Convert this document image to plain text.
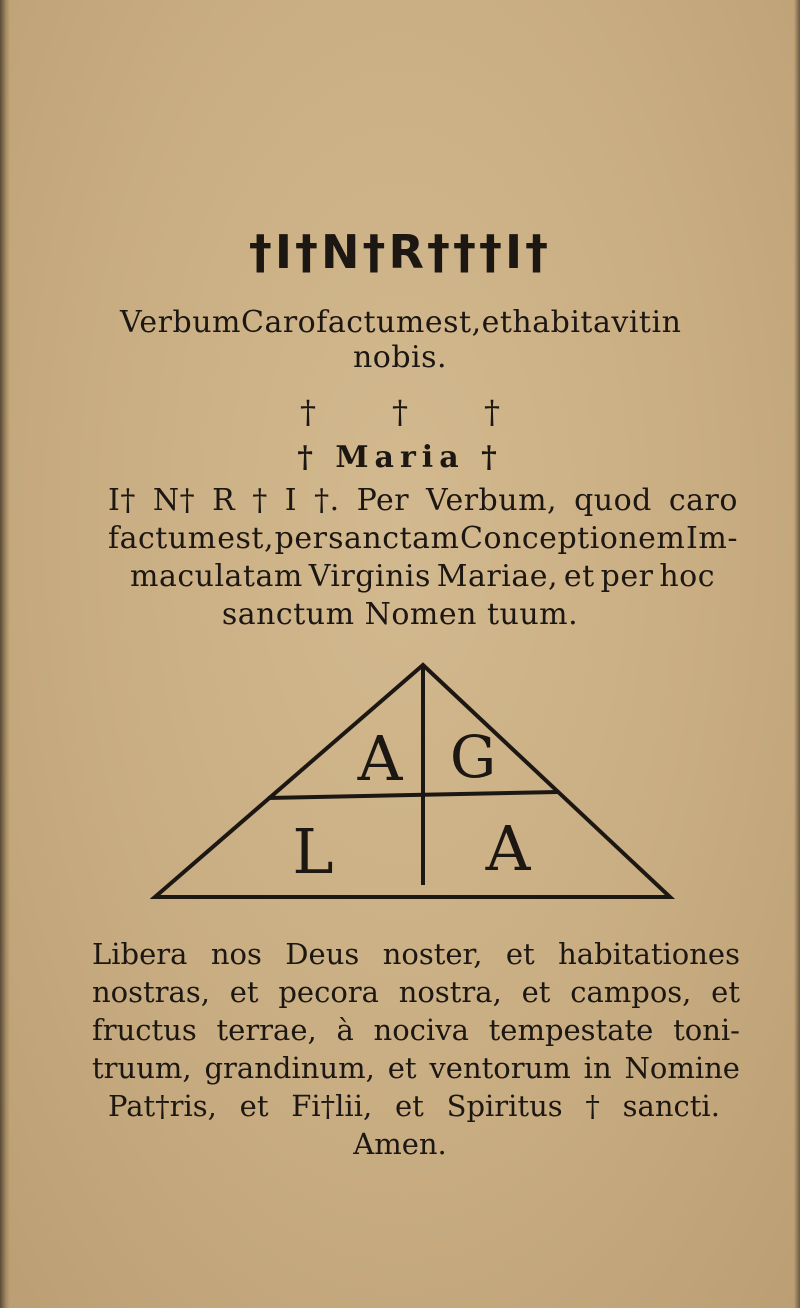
†I†N†R†††I†
Verbum Caro factum est, et habitavit in
nobis.
† † †
† Maria †
I† N† R † I †. Per Verbum, quod caro
factum est, per sanctam Conceptionem Im-
maculatam Virginis Mariae, et per hoc
sanctum Nomen tuum.
A G
L A
Libera nos Deus noster, et habitationes
nostras, et pecora nostra, et campos, et
fructus terrae, à nociva tempestate toni-
truum, grandinum, et ventorum in Nomine
Pat†ris, et Fi†lii, et Spiritus † sancti.
Amen.
